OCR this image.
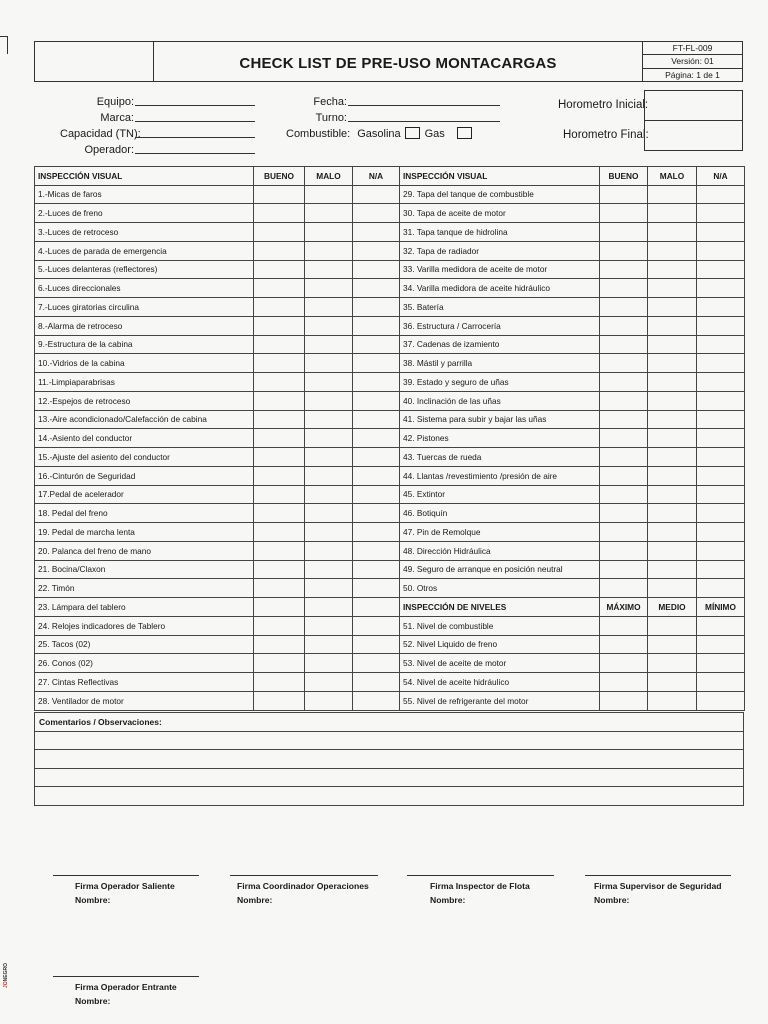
CHECK LIST DE PRE-USO MONTACARGAS
FT-FL-009
Versión: 01
Página: 1 de 1
Equipo:
Marca:
Capacidad (TN):
Operador:
Fecha:
Turno:
Combustible: Gasolina Gas
Horometro Inicial:
Horometro Final:
INSPECCIÓN VISUAL	BUENO	MALO	N/A	INSPECCIÓN VISUAL	BUENO	MALO	N/A
1.-Micas de faros				29. Tapa del tanque de combustible			
2.-Luces de freno				30. Tapa de aceite de motor			
3.-Luces de retroceso				31. Tapa tanque de hidrolina			
4.-Luces de parada de emergencia				32. Tapa de radiador			
5.-Luces delanteras (reflectores)				33. Varilla medidora de aceite de motor			
6.-Luces direccionales				34. Varilla medidora de aceite hidráulico			
7.-Luces giratorias circulina				35. Batería			
8.-Alarma de retroceso				36. Estructura / Carrocería			
9.-Estructura de la cabina				37. Cadenas de izamiento			
10.-Vidrios de la cabina				38. Mástil y parrilla			
11.-Limpiaparabrisas				39. Estado y seguro de uñas			
12.-Espejos de retroceso				40. Inclinación de las uñas			
13.-Aire acondicionado/Calefacción de cabina				41. Sistema para subir y bajar las uñas			
14.-Asiento del conductor				42. Pistones			
15.-Ajuste del asiento del conductor				43. Tuercas de rueda			
16.-Cinturón de Seguridad				44. Llantas /revestimiento /presión de aire			
17.Pedal de acelerador				45. Extintor			
18. Pedal del freno				46. Botiquín			
19. Pedal de marcha lenta				47. Pin de Remolque			
20. Palanca del freno de mano				48. Dirección Hidráulica			
21. Bocina/Claxon				49. Seguro de arranque en posición neutral			
22. Timón				50. Otros			
23. Lámpara del tablero				INSPECCIÓN DE NIVELES	MÁXIMO	MEDIO	MÍNIMO
24. Relojes indicadores de Tablero				51. Nivel de combustible			
25. Tacos (02)				52. Nivel Liquido de freno			
26. Conos (02)				53. Nivel de aceite de motor			
27. Cintas Reflectivas				54. Nivel de aceite hidráulico			
28. Ventilador de motor				55. Nivel de refrigerante del motor			
Comentarios / Observaciones:

Firma Operador Saliente
Nombre:
Firma Coordinador Operaciones
Nombre:
Firma Inspector de Flota
Nombre:
Firma Supervisor de Seguridad
Nombre:
Firma Operador Entrante
Nombre:
JONEGRO
